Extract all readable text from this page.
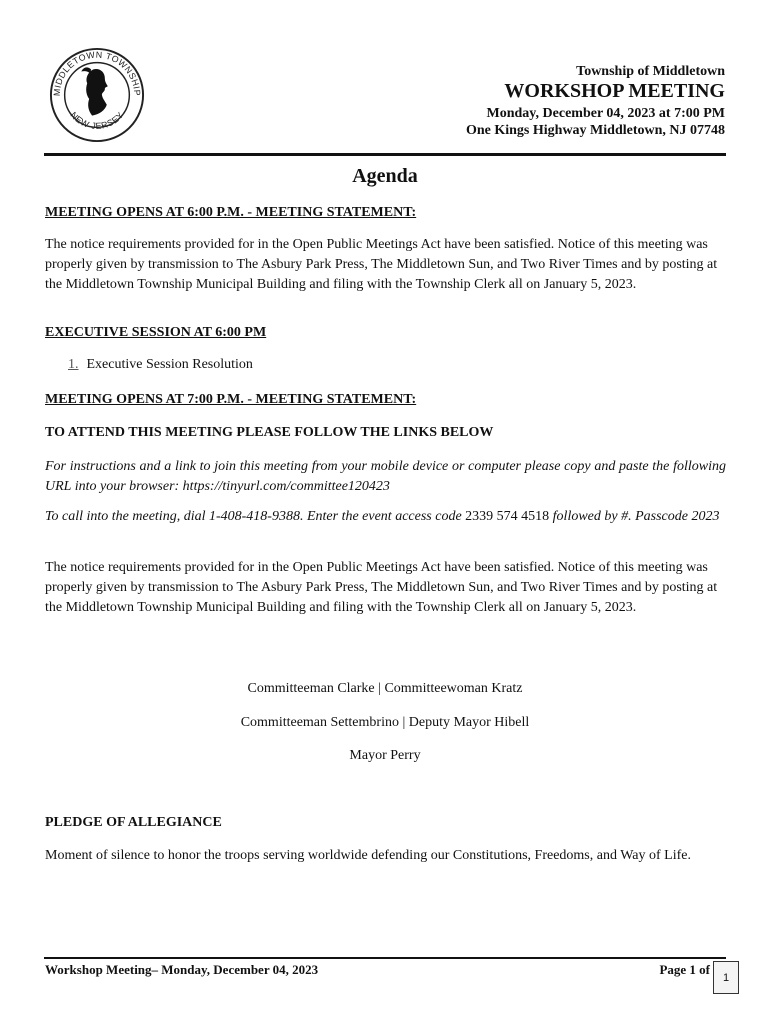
MIDDLETOWN TOWNSHIP
NEW JERSEY
Township of Middletown
WORKSHOP MEETING
Monday, December 04, 2023 at 7:00 PM
One Kings Highway Middletown, NJ 07748
Agenda
MEETING OPENS AT 6:00 P.M. - MEETING STATEMENT:
The notice requirements provided for in the Open Public Meetings Act have been satisfied. Notice of this meeting was properly given by transmission to The Asbury Park Press, The Middletown Sun, and Two River Times and by posting at the Middletown Township Municipal Building and filing with the Township Clerk all on January 5, 2023.
EXECUTIVE SESSION AT 6:00 PM
1. Executive Session Resolution
MEETING OPENS AT 7:00 P.M. - MEETING STATEMENT:
TO ATTEND THIS MEETING PLEASE FOLLOW THE LINKS BELOW
For instructions and a link to join this meeting from your mobile device or computer please copy and paste the following URL into your browser: https://tinyurl.com/committee120423
To call into the meeting, dial 1-408-418-9388. Enter the event access code 2339 574 4518 followed by #. Passcode 2023
The notice requirements provided for in the Open Public Meetings Act have been satisfied. Notice of this meeting was properly given by transmission to The Asbury Park Press, The Middletown Sun, and Two River Times and by posting at the Middletown Township Municipal Building and filing with the Township Clerk all on January 5, 2023.
Committeeman Clarke | Committeewoman Kratz
Committeeman Settembrino | Deputy Mayor Hibell
Mayor Perry
PLEDGE OF ALLEGIANCE
Moment of silence to honor the troops serving worldwide defending our Constitutions, Freedoms, and Way of Life.
Workshop Meeting– Monday, December 04, 2023	Page 1 of
1
